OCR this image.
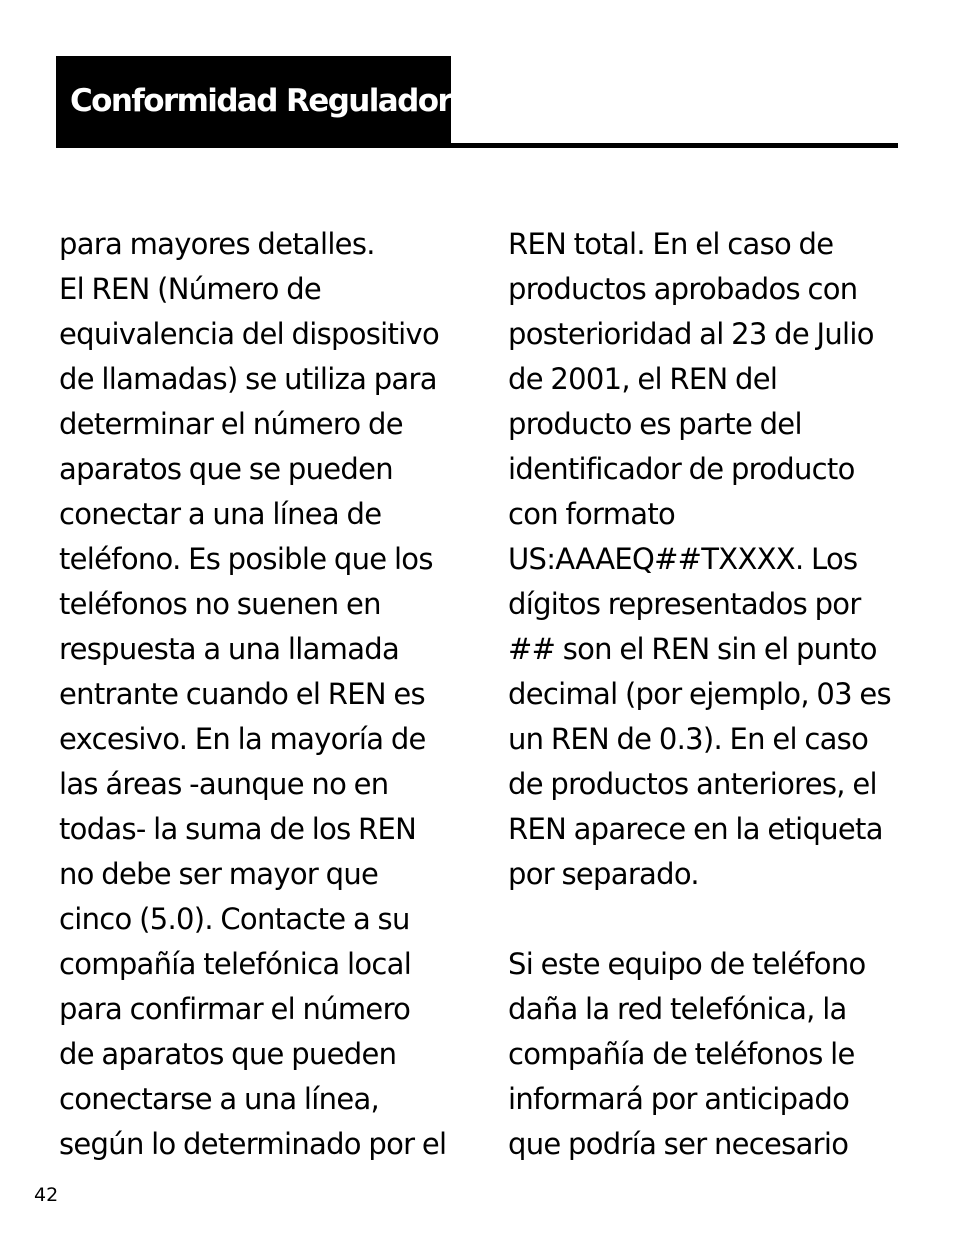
Conformidad Reguladora
para mayores detalles.
El REN (Número de
equivalencia del dispositivo
de llamadas) se utiliza para
determinar el número de
aparatos que se pueden
conectar a una línea de
teléfono. Es posible que los
teléfonos no suenen en
respuesta a una llamada
entrante cuando el REN es
excesivo. En la mayoría de
las áreas -aunque no en
todas- la suma de los REN
no debe ser mayor que
cinco (5.0). Contacte a su
compañía telefónica local
para confirmar el número
de aparatos que pueden
conectarse a una línea,
según lo determinado por el
REN total. En el caso de
productos aprobados con
posterioridad al 23 de Julio
de 2001, el REN del
producto es parte del
identificador de producto
con formato
US:AAAEQ##TXXXX. Los
dígitos representados por
## son el REN sin el punto
decimal (por ejemplo, 03 es
un REN de 0.3). En el caso
de productos anteriores, el
REN aparece en la etiqueta
por separado.
Si este equipo de teléfono
daña la red telefónica, la
compañía de teléfonos le
informará por anticipado
que podría ser necesario
42
